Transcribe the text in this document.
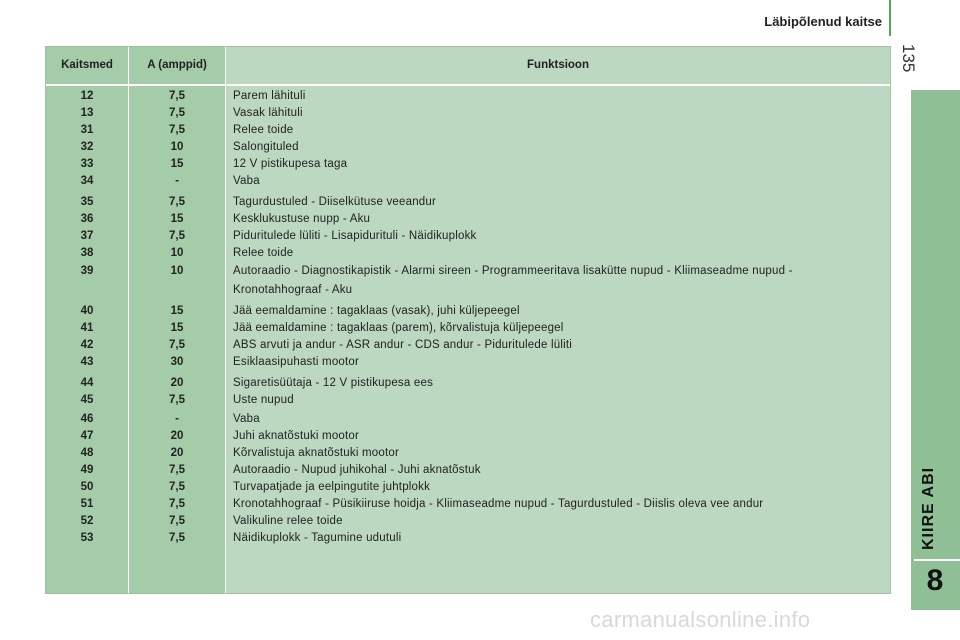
Läbipõlenud kaitse
135
KIIRE ABI
8
Kaitsmed	A (amppid)	Funktsioon
12	7,5	Parem lähituli
13	7,5	Vasak lähituli
31	7,5	Relee toide
32	10	Salongituled
33	15	12 V pistikupesa taga
34	-	Vaba
35	7,5	Tagurdustuled - Diiselkütuse veeandur
36	15	Kesklukustuse nupp - Aku
37	7,5	Piduritulede lüliti - Lisapidurituli - Näidikuplokk
38	10	Relee toide
39	10	Autoraadio - Diagnostikapistik - Alarmi sireen - Programmeeritava lisakütte nupud - Kliimaseadme nupud - Kronotahhograaf - Aku
40	15	Jää eemaldamine : tagaklaas (vasak), juhi küljepeegel
41	15	Jää eemaldamine : tagaklaas (parem), kõrvalistuja küljepeegel
42	7,5	ABS arvuti ja andur - ASR andur - CDS andur - Piduritulede lüliti
43	30	Esiklaasipuhasti mootor
44	20	Sigaretisüütaja - 12 V pistikupesa ees
45	7,5	Uste nupud
46	-	Vaba
47	20	Juhi aknatõstuki mootor
48	20	Kõrvalistuja aknatõstuki mootor
49	7,5	Autoraadio - Nupud juhikohal - Juhi aknatõstuk
50	7,5	Turvapatjade ja eelpingutite juhtplokk
51	7,5	Kronotahhograaf - Püsikiiruse hoidja - Kliimaseadme nupud - Tagurdustuled - Diislis oleva vee andur
52	7,5	Valikuline relee toide
53	7,5	Näidikuplokk - Tagumine udutuli
carmanualsonline.info
